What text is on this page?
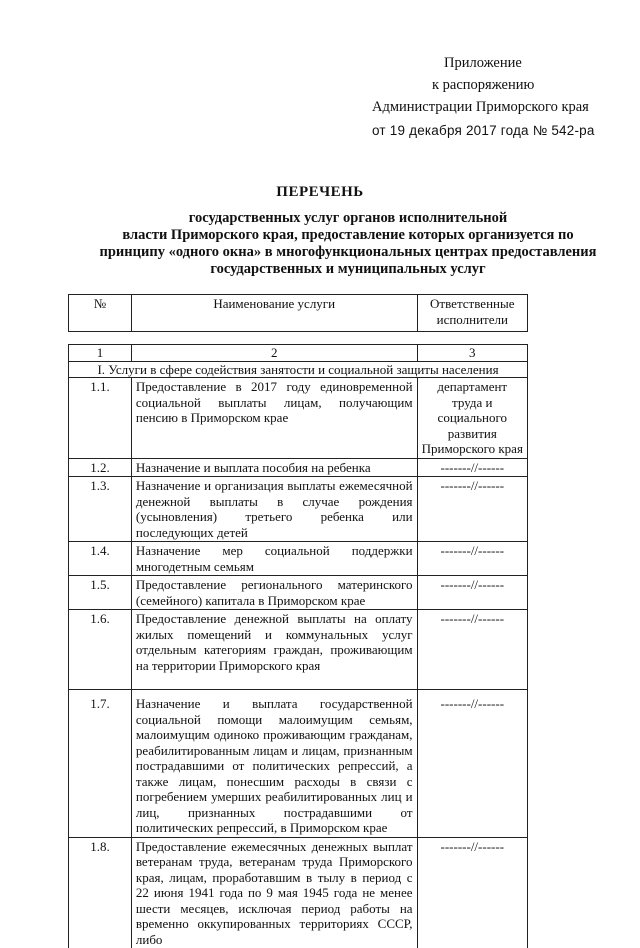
Приложение
к распоряжению
Администрации Приморского края
от 19 декабря 2017 года № 542-ра
ПЕРЕЧЕНЬ
государственных услуг органов исполнительной
власти Приморского края, предоставление которых организуется по
принципу «одного окна» в многофункциональных центрах предоставления
государственных и муниципальных услуг
№	Наименование услуги	Ответственные исполнители

1	2	3
I. Услуги в сфере содействия занятости и социальной защиты населения		
1.1.	Предоставление в 2017 году единовременной социальной выплаты лицам, получающим пенсию в Приморском крае	департамент труда и социального развития Приморского края
1.2.	Назначение и выплата пособия на ребенка	-------//------
1.3.	Назначение и организация выплаты ежемесячной денежной выплаты в случае рождения (усыновления) третьего ребенка или последующих детей	-------//------
1.4.	Назначение мер социальной поддержки многодетным семьям	-------//------
1.5.	Предоставление регионального материнского (семейного) капитала в Приморском крае	-------//------
1.6.	Предоставление денежной выплаты на оплату жилых помещений и коммунальных услуг отдельным категориям граждан, проживающим на территории Приморского края	-------//------
1.7.	Назначение и выплата государственной социальной помощи малоимущим семьям, малоимущим одиноко проживающим гражданам, реабилитированным лицам и лицам, признанным пострадавшими от политических репрессий, а также лицам, понесшим расходы в связи с погребением умерших реабилитированных лиц и лиц, признанных пострадавшими от политических репрессий, в Приморском крае	-------//------
1.8.	Предоставление ежемесячных денежных выплат ветеранам труда, ветеранам труда Приморского края, лицам, проработавшим в тылу в период с 22 июня 1941 года по 9 мая 1945 года не менее шести месяцев, исключая период работы на временно оккупированных территориях СССР, либо	-------//------
